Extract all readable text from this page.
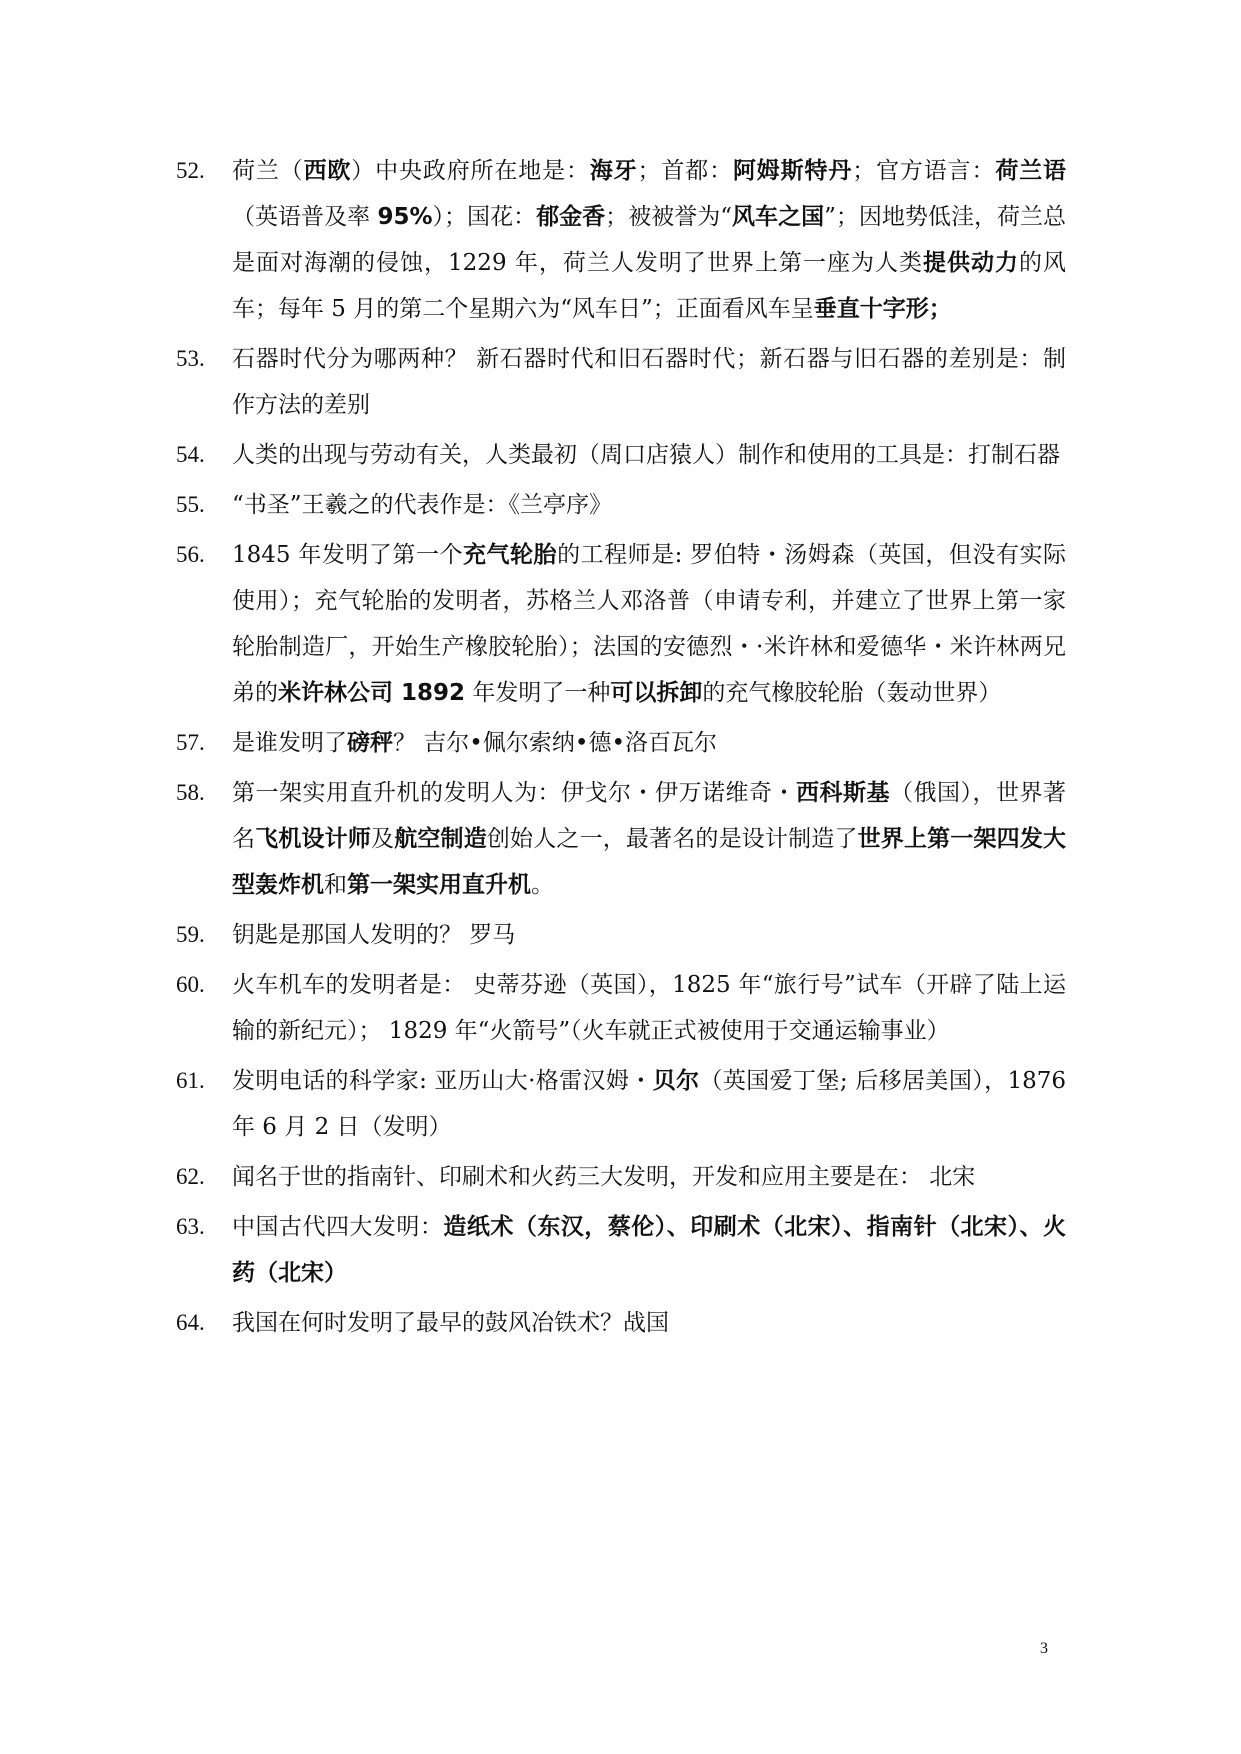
52. 荷兰（西欧）中央政府所在地是：海牙；首都：阿姆斯特丹；官方语言：荷兰语（英语普及率 95%）；国花：郁金香；被被誉为“风车之国”；因地势低洼，荷兰总是面对海潮的侵蚀，1229 年，荷兰人发明了世界上第一座为人类提供动力的风车；每年 5 月的第二个星期六为“风车日”；正面看风车呈垂直十字形；
53. 石器时代分为哪两种？ 新石器时代和旧石器时代；新石器与旧石器的差别是：制作方法的差别
54. 人类的出现与劳动有关，人类最初（周口店猿人）制作和使用的工具是：打制石器
55. “书圣”王羲之的代表作是：《兰亭序》
56. 1845 年发明了第一个充气轮胎的工程师是: 罗伯特・汤姆森（英国，但没有实际使用）；充气轮胎的发明者，苏格兰人邓洛普（申请专利，并建立了世界上第一家轮胎制造厂，开始生产橡胶轮胎）；法国的安德烈・·米许林和爱德华・米许林两兄弟的米许林公司 1892 年发明了一种可以拆卸的充气橡胶轮胎（轰动世界）
57. 是谁发明了磅秤？ 吉尔•佩尔索纳•德•洛百瓦尔
58. 第一架实用直升机的发明人为：伊戈尔・伊万诺维奇・西科斯基（俄国），世界著名飞机设计师及航空制造创始人之一，最著名的是设计制造了世界上第一架四发大型轰炸机和第一架实用直升机。
59. 钥匙是那国人发明的？ 罗马
60. 火车机车的发明者是： 史蒂芬逊（英国），1825 年“旅行号”试车（开辟了陆上运输的新纪元）； 1829 年“火箭号”（火车就正式被使用于交通运输事业）
61. 发明电话的科学家: 亚历山大·格雷汉姆・贝尔（英国爱丁堡; 后移居美国），1876 年 6 月 2 日（发明）
62. 闻名于世的指南针、印刷术和火药三大发明，开发和应用主要是在： 北宋
63. 中国古代四大发明：造纸术（东汉，蔡伦）、印刷术（北宋）、指南针（北宋）、火药（北宋）
64. 我国在何时发明了最早的鼓风冶铁术？战国
3
